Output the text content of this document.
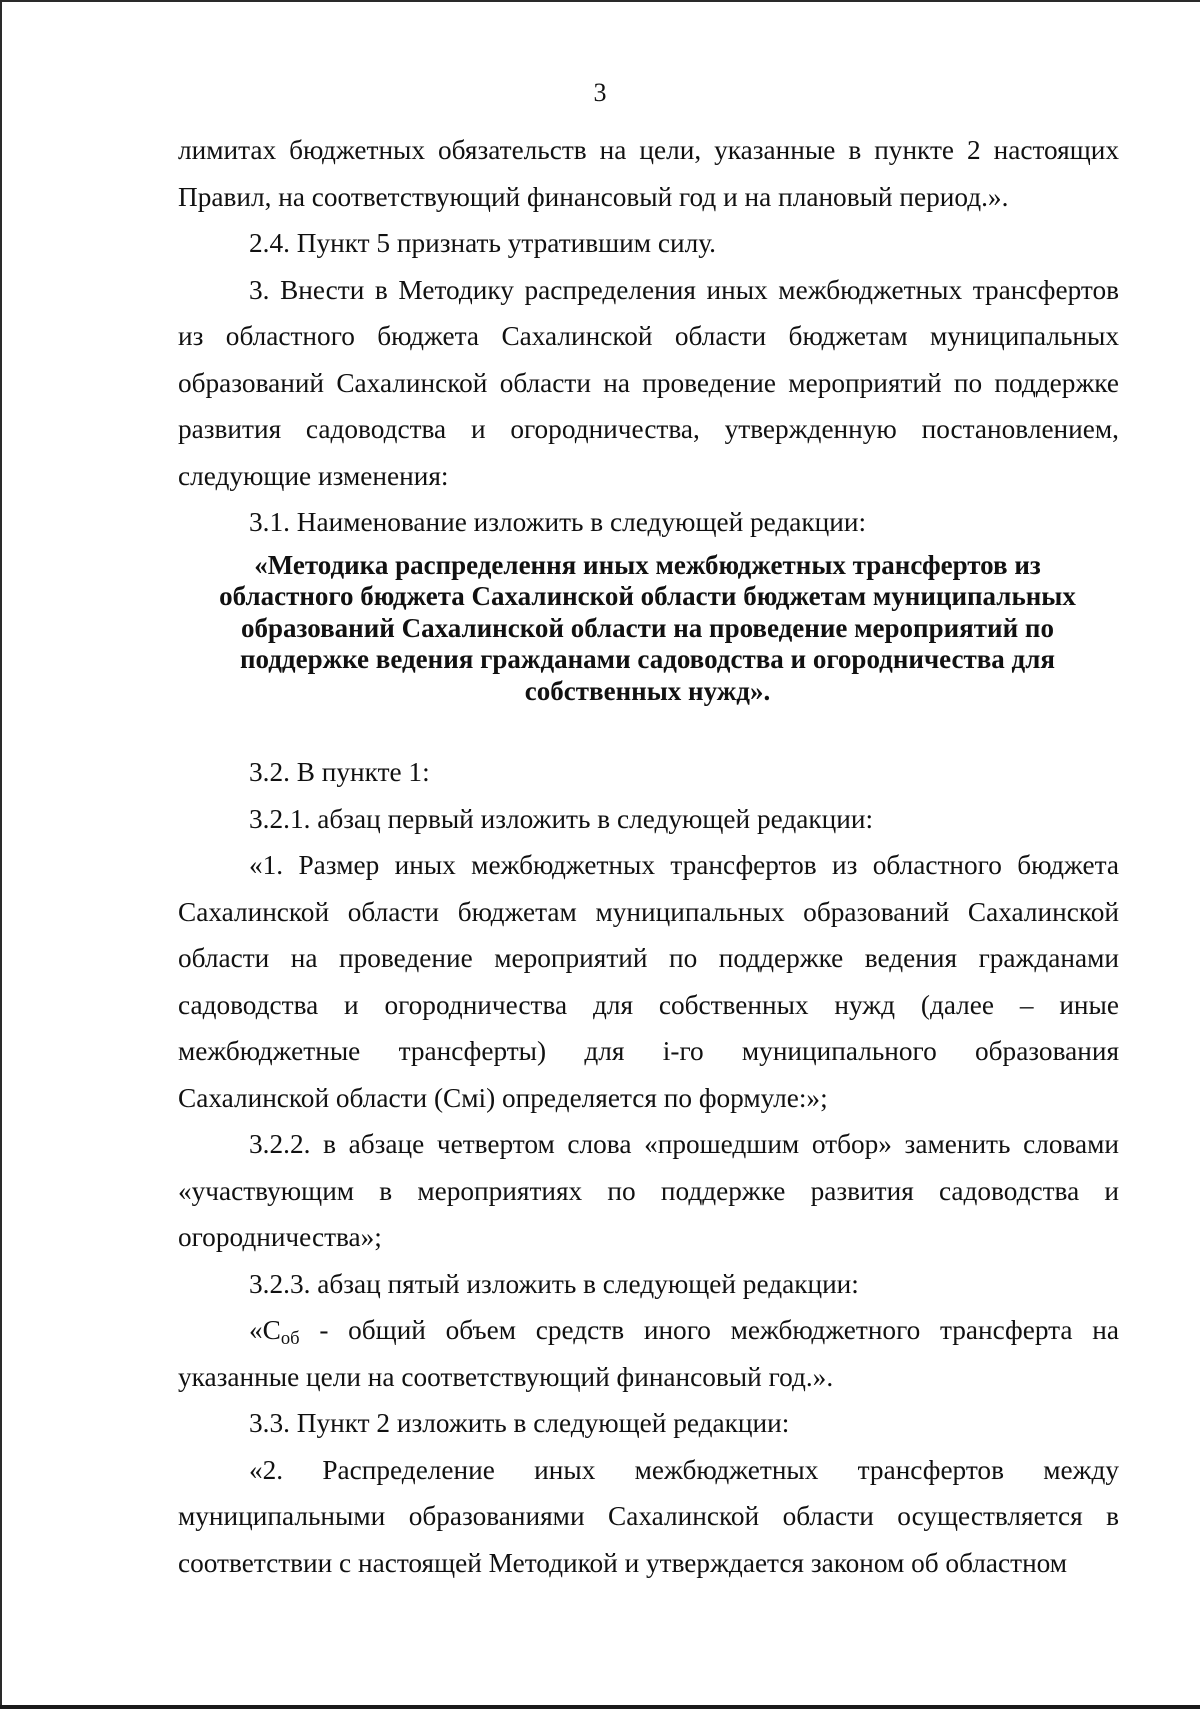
3

лимитах бюджетных обязательств на цели, указанные в пункте 2 настоящих Правил, на соответствующий финансовый год и на плановый период.».

2.4. Пункт 5 признать утратившим силу.

3. Внести в Методику распределения иных межбюджетных трансфертов из областного бюджета Сахалинской области бюджетам муниципальных образований Сахалинской области на проведение мероприятий по поддержке развития садоводства и огородничества, утвержденную постановлением, следующие изменения:

3.1. Наименование изложить в следующей редакции:

«Методика распределення иных межбюджетных трансфертов из

областного бюджета Сахалинской области бюджетам муниципальных

образований Сахалинской области на проведение мероприятий по

поддержке ведения гражданами садоводства и огородничества для

собственных нужд».

3.2. В пункте 1:

3.2.1. абзац первый изложить в следующей редакции:

«1. Размер иных межбюджетных трансфертов из областного бюджета Сахалинской области бюджетам муниципальных образований Сахалинской области на проведение мероприятий по поддержке ведения гражданами садоводства и огородничества для собственных нужд (далее – иные межбюджетные трансферты) для i-го муниципального образования Сахалинской области (Cмi) определяется по формуле:»;

3.2.2. в абзаце четвертом слова «прошедшим отбор» заменить словами «участвующим в мероприятиях по поддержке развития садоводства и огородничества»;

3.2.3. абзац пятый изложить в следующей редакции:

«Cоб - общий объем средств иного межбюджетного трансферта на указанные цели на соответствующий финансовый год.».

3.3. Пункт 2 изложить в следующей редакции:

«2. Распределение иных межбюджетных трансфертов между муниципальными образованиями Сахалинской области осуществляется в соответствии с настоящей Методикой и утверждается законом об областном
